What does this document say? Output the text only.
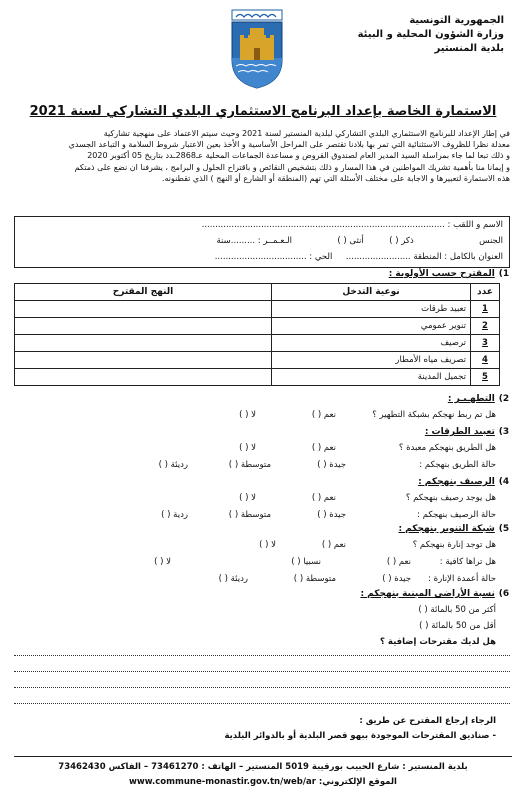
الجمهورية التونسية
وزارة الشؤون المحلية و البيئة
بلدية المنستير
الاستمارة الخاصة بإعداد البرنامج الاستثماري البلدي التشاركي لسنة 2021
في إطار الإعداد للبرنامج الاستثماري البلدي التشاركي لبلدية المنستير لسنة 2021 وحيث سيتم الاعتماد على منهجية تشاركية
معدلة نظرا للظروف الاستثنائية التي تمر بها بلادنا تقتصر على المراحل الأساسية و الأخذ بعين الاعتبار شروط السلامة و التباعد الجسدي
و ذلك تبعا لما جاء بمراسلة السيد المدير العام لصندوق القروض و مساعدة الجماعات المحلية عـ2868ـدد بتاريخ 05 أكتوبر 2020
و إيمانا منا بأهمية تشريك المواطنين في هذا المسار و ذلك بتشخيص النقائص و باقتراح الحلول و البرامج ، يشرفنا ان نضع على ذمتكم
هذه الاستمارة لتعبيرها و الاجابة على مختلف الأسئلة التي تهم (المنطقة أو الشارع أو النهج ) الذي تقطنونه.
الاسم و اللقب : ..........................................................................................
الجنس  ذكر ( )  أنثى ( )  الـعـمــر : .........سنة
العنوان بالكامل : المنطقة ........................  الحي : ..................................
1) المقترح حسب الأولوية :
عدد	نوعية التدخل	النهج المقترح
1	تعبيد طرقات	
2	تنوير عمومي	
3	ترصيف	
4	تصريف مياه الأمطار	
5	تجميل المدينة	
2) التطهـيـر :
هل تم ربط نهجكم بشبكة التطهير ؟
نعم ( )
لا ( )
3) تعبيد الطرقات :
هل الطريق بنهجكم معبدة ؟
نعم ( )
لا ( )
حالة الطريق بنهجكم :
جيدة ( )
متوسطة ( )
رديئة ( )
4) الرصيف بنهجكم :
هل يوجد رصيف بنهجكم ؟
نعم ( )
لا ( )
حالة الرصيف بنهجكم :
جيدة ( )
متوسطة ( )
ردية ( )
5) شبكة التنوير بنهجكم :
هل توجد إنارة بنهجكم ؟
نعم ( )
لا ( )
هل تراها كافية :
نعم ( )
نسبيا ( )
لا ( )
حالة أعمدة الإنارة :
جيدة ( )
متوسطة ( )
رديئة ( )
6) نسبة الأراضي المبنية بنهجكم :
أكثر من 50 بالمائة ( )
أقل من 50 بالمائة ( )
هل لديك مقترحات إضافية ؟
الرجاء إرجاع المقترح عن طريق :
- صناديق المقترحات الموجودة ببهو قصر البلدية أو بالدوائر البلدية
بلدية المنستير : شارع الحبيب بورقيبة 5019 المنستير – الهاتف : 73461270 – الفاكس 73462430
الموقع الإلكتروني: www.commune-monastir.gov.tn/web/ar
